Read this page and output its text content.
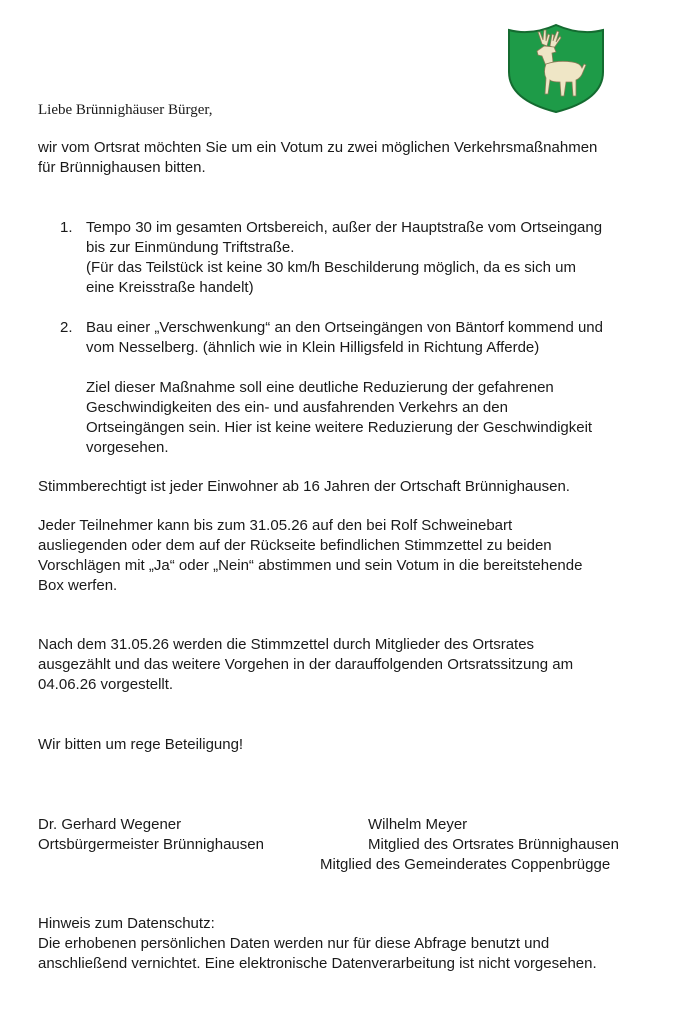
Liebe Brünnighäuser Bürger,

wir vom Ortsrat möchten Sie um ein Votum zu zwei möglichen Verkehrsmaßnahmen

für Brünnighausen bitten.

1. Tempo 30 im gesamten Ortsbereich, außer der Hauptstraße vom Ortseingang
bis zur Einmündung Triftstraße.
(Für das Teilstück ist keine 30 km/h Beschilderung möglich, da es sich um
eine Kreisstraße handelt)
2. Bau einer „Verschwenkung“ an den Ortseingängen von Bäntorf kommend und
vom Nesselberg. (ähnlich wie in Klein Hilligsfeld in Richtung Afferde)
Ziel dieser Maßnahme soll eine deutliche Reduzierung der gefahrenen
Geschwindigkeiten des ein- und ausfahrenden Verkehrs an den
Ortseingängen sein. Hier ist keine weitere Reduzierung der Geschwindigkeit
vorgesehen.

Stimmberechtigt ist jeder Einwohner ab 16 Jahren der Ortschaft Brünnighausen.

Jeder Teilnehmer kann bis zum 31.05.26 auf den bei Rolf Schweinebart

ausliegenden oder dem auf der Rückseite befindlichen Stimmzettel zu beiden

Vorschlägen mit „Ja“ oder „Nein“ abstimmen und sein Votum in die bereitstehende

Box werfen.

Nach dem 31.05.26 werden die Stimmzettel durch Mitglieder des Ortsrates

ausgezählt und das weitere Vorgehen in der darauffolgenden Ortsratssitzung am

04.06.26 vorgestellt.

Wir bitten um rege Beteiligung!

Dr. Gerhard Wegener

Ortsbürgermeister Brünnighausen

Wilhelm Meyer

Mitglied des Ortsrates Brünnighausen

Mitglied des Gemeinderates Coppenbrügge

Hinweis zum Datenschutz:

Die erhobenen persönlichen Daten werden nur für diese Abfrage benutzt und

anschließend vernichtet. Eine elektronische Datenverarbeitung ist nicht vorgesehen.
